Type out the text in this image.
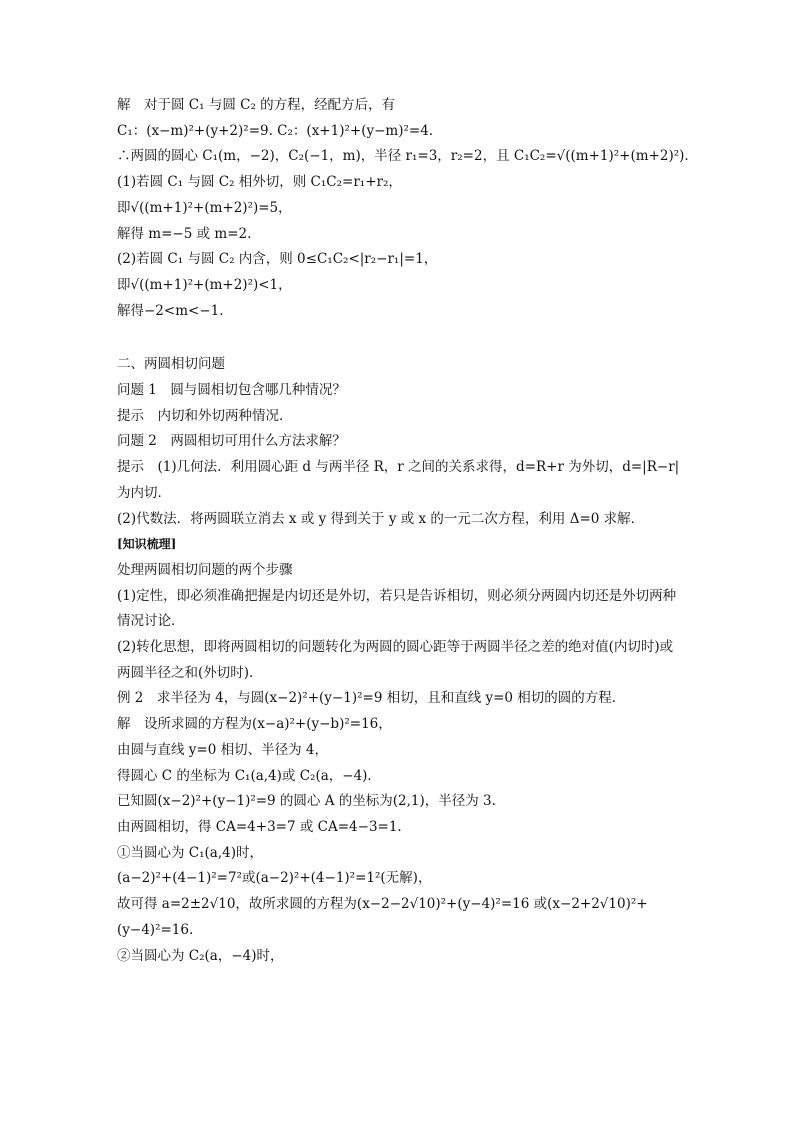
解　对于圆 C₁ 与圆 C₂ 的方程，经配方后，有
C₁：(x−m)²+(y+2)²=9. C₂：(x+1)²+(y−m)²=4.
∴两圆的圆心 C₁(m，−2)，C₂(−1，m)，半径 r₁=3，r₂=2，且 C₁C₂=√((m+1)²+(m+2)²).
(1)若圆 C₁ 与圆 C₂ 相外切，则 C₁C₂=r₁+r₂，
即√((m+1)²+(m+2)²)=5，
解得 m=−5 或 m=2.
(2)若圆 C₁ 与圆 C₂ 内含，则 0≤C₁C₂<|r₂−r₁|=1，
即√((m+1)²+(m+2)²)<1，
解得−2<m<−1.
二、两圆相切问题
问题 1　圆与圆相切包含哪几种情况？
提示　内切和外切两种情况．
问题 2　两圆相切可用什么方法求解？
提示　(1)几何法．利用圆心距 d 与两半径 R，r 之间的关系求得，d=R+r 为外切，d=|R−r| 为内切．
(2)代数法．将两圆联立消去 x 或 y 得到关于 y 或 x 的一元二次方程，利用 Δ=0 求解．
[知识梳理]
处理两圆相切问题的两个步骤
(1)定性，即必须准确把握是内切还是外切，若只是告诉相切，则必须分两圆内切还是外切两种情况讨论．
(2)转化思想，即将两圆相切的问题转化为两圆的圆心距等于两圆半径之差的绝对值(内切时)或两圆半径之和(外切时)．
例 2　求半径为 4，与圆(x−2)²+(y−1)²=9 相切，且和直线 y=0 相切的圆的方程．
解　设所求圆的方程为(x−a)²+(y−b)²=16，
由圆与直线 y=0 相切、半径为 4，
得圆心 C 的坐标为 C₁(a,4)或 C₂(a，−4)．
已知圆(x−2)²+(y−1)²=9 的圆心 A 的坐标为(2,1)，半径为 3.
由两圆相切，得 CA=4+3=7 或 CA=4−3=1.
①当圆心为 C₁(a,4)时，
(a−2)²+(4−1)²=7²或(a−2)²+(4−1)²=1²(无解)，
故可得 a=2±2√10，故所求圆的方程为(x−2−2√10)²+(y−4)²=16 或(x−2+2√10)²+(y−4)²=16.
②当圆心为 C₂(a，−4)时，
